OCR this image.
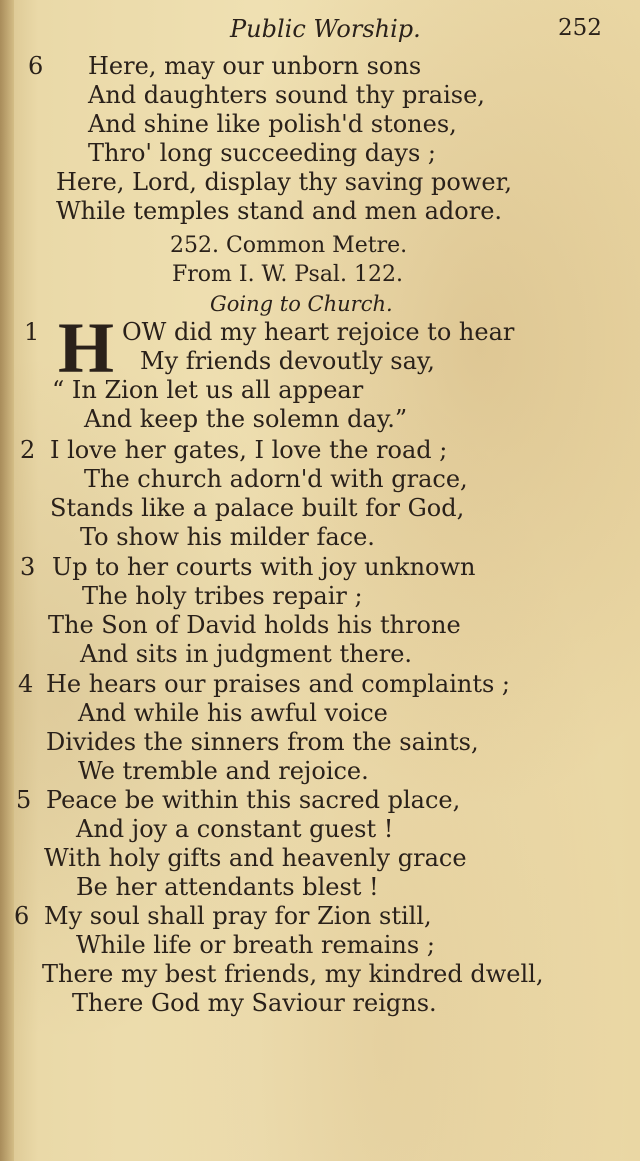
Public Worship.	252
6 Here, may our unborn sons
And daughters sound thy praise,
And shine like polish'd stones,
Thro' long succeeding days ;
Here, Lord, display thy saving power,
While temples stand and men adore.
252. Common Metre.
From I. W. Psal. 122.
Going to Church.
1 H OW did my heart rejoice to hear
My friends devoutly say,
“ In Zion let us all appear
And keep the solemn day.”
2 I love her gates, I love the road ;
The church adorn'd with grace,
Stands like a palace built for God,
To show his milder face.
3 Up to her courts with joy unknown
The holy tribes repair ;
The Son of David holds his throne
And sits in judgment there.
4 He hears our praises and complaints ;
And while his awful voice
Divides the sinners from the saints,
We tremble and rejoice.
5 Peace be within this sacred place,
And joy a constant guest !
With holy gifts and heavenly grace
Be her attendants blest !
6 My soul shall pray for Zion still,
While life or breath remains ;
There my best friends, my kindred dwell,
There God my Saviour reigns.
